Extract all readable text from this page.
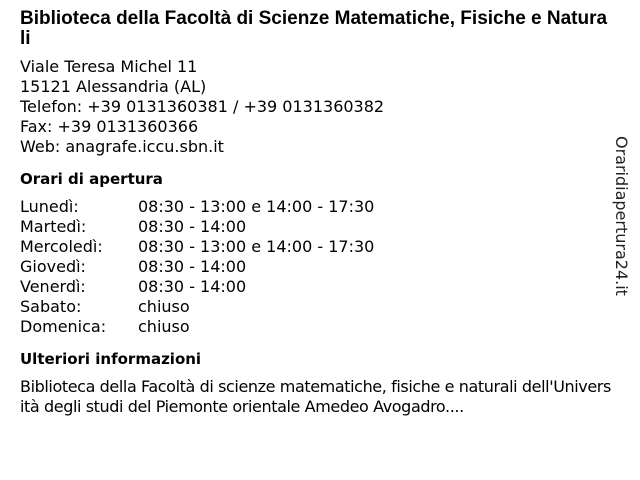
Biblioteca della Facoltà di Scienze Matematiche, Fisiche e Naturali
Viale Teresa Michel 11
15121 Alessandria (AL)
Telefon: +39 0131360381 / +39 0131360382
Fax: +39 0131360366
Web: anagrafe.iccu.sbn.it
Orari di apertura
Lunedì:	08:30 - 13:00 e 14:00 - 17:30
Martedì:	08:30 - 14:00
Mercoledì:	08:30 - 13:00 e 14:00 - 17:30
Giovedì:	08:30 - 14:00
Venerdì:	08:30 - 14:00
Sabato:	chiuso
Domenica:	chiuso
Ulteriori informazioni
Biblioteca della Facoltà di scienze matematiche, fisiche e naturali dell'Università degli studi del Piemonte orientale Amedeo Avogadro....
Oraridiapertura24.it
